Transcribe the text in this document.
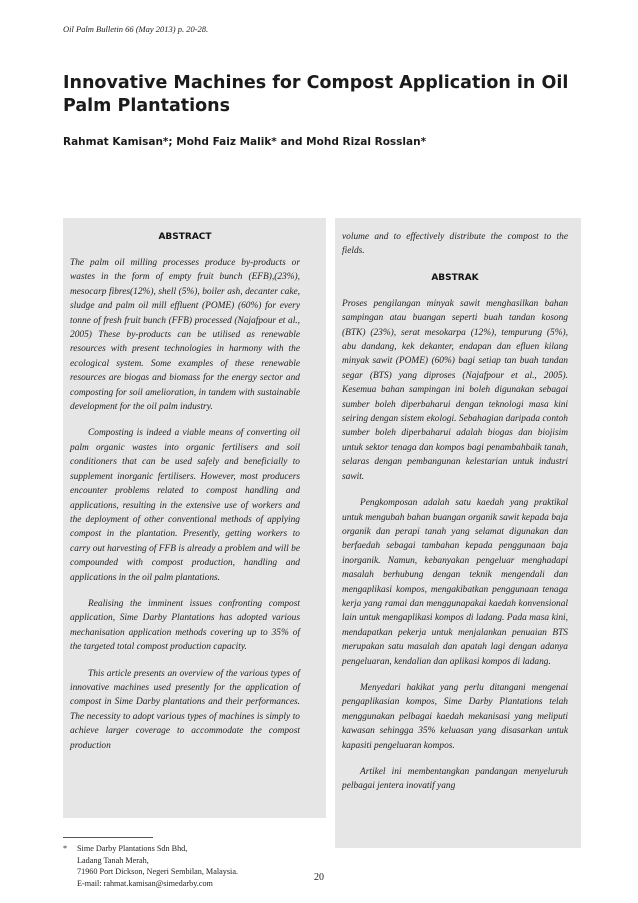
Oil Palm Bulletin 66 (May 2013) p. 20-28.
Innovative Machines for Compost Application in Oil Palm Plantations
Rahmat Kamisan*; Mohd Faiz Malik* and Mohd Rizal Rosslan*
ABSTRACT

The palm oil milling processes produce by-products or wastes in the form of empty fruit bunch (EFB),(23%), mesocarp fibres(12%), shell (5%), boiler ash, decanter cake, sludge and palm oil mill effluent (POME) (60%) for every tonne of fresh fruit bunch (FFB) processed (Najafpour et al., 2005) These by-products can be utilised as renewable resources with present technologies in harmony with the ecological system. Some examples of these renewable resources are biogas and biomass for the energy sector and composting for soil amelioration, in tandem with sustainable development for the oil palm industry.

Composting is indeed a viable means of converting oil palm organic wastes into organic fertilisers and soil conditioners that can be used safely and beneficially to supplement inorganic fertilisers. However, most producers encounter problems related to compost handling and applications, resulting in the extensive use of workers and the deployment of other conventional methods of applying compost in the plantation. Presently, getting workers to carry out harvesting of FFB is already a problem and will be compounded with compost production, handling and applications in the oil palm plantations.

Realising the imminent issues confronting compost application, Sime Darby Plantations has adopted various mechanisation application methods covering up to 35% of the targeted total compost production capacity.

This article presents an overview of the various types of innovative machines used presently for the application of compost in Sime Darby plantations and their performances. The necessity to adopt various types of machines is simply to achieve larger coverage to accommodate the compost production

volume and to effectively distribute the compost to the fields.

ABSTRAK

Proses pengilangan minyak sawit menghasilkan bahan sampingan atau buangan seperti buah tandan kosong (BTK) (23%), serat mesokarpa (12%), tempurung (5%), abu dandang, kek dekanter, endapan dan efluen kilang minyak sawit (POME) (60%) bagi setiap tan buah tandan segar (BTS) yang diproses (Najafpour et al., 2005). Kesemua bahan sampingan ini boleh digunakan sebagai sumber boleh diperbaharui dengan teknologi masa kini seiring dengan sistem ekologi. Sebahagian daripada contoh sumber boleh diperbaharui adalah biogas dan biojisim untuk sektor tenaga dan kompos bagi penambahbaik tanah, selaras dengan pembangunan kelestarian untuk industri sawit.

Pengkomposan adalah satu kaedah yang praktikal untuk mengubah bahan buangan organik sawit kepada baja organik dan perapi tanah yang selamat digunakan dan berfaedah sebagai tambahan kepada penggunaan baja inorganik. Namun, kebanyakan pengeluar menghadapi masalah berhubung dengan teknik mengendali dan mengaplikasi kompos, mengakibatkan penggunaan tenaga kerja yang ramai dan menggunapakai kaedah konvensional lain untuk mengaplikasi kompos di ladang. Pada masa kini, mendapatkan pekerja untuk menjalankan penuaian BTS merupakan satu masalah dan apatah lagi dengan adanya pengeluaran, kendalian dan aplikasi kompos di ladang.

Menyedari hakikat yang perlu ditangani mengenai pengaplikasian kompos, Sime Darby Plantations telah menggunakan pelbagai kaedah mekanisasi yang meliputi kawasan sehingga 35% keluasan yang disasarkan untuk kapasiti pengeluaran kompos.

Artikel ini membentangkan pandangan menyeluruh pelbagai jentera inovatif yang

* Sime Darby Plantations Sdn Bhd,
Ladang Tanah Merah,
71960 Port Dickson, Negeri Sembilan, Malaysia.
E-mail: rahmat.kamisan@simedarby.com
20
